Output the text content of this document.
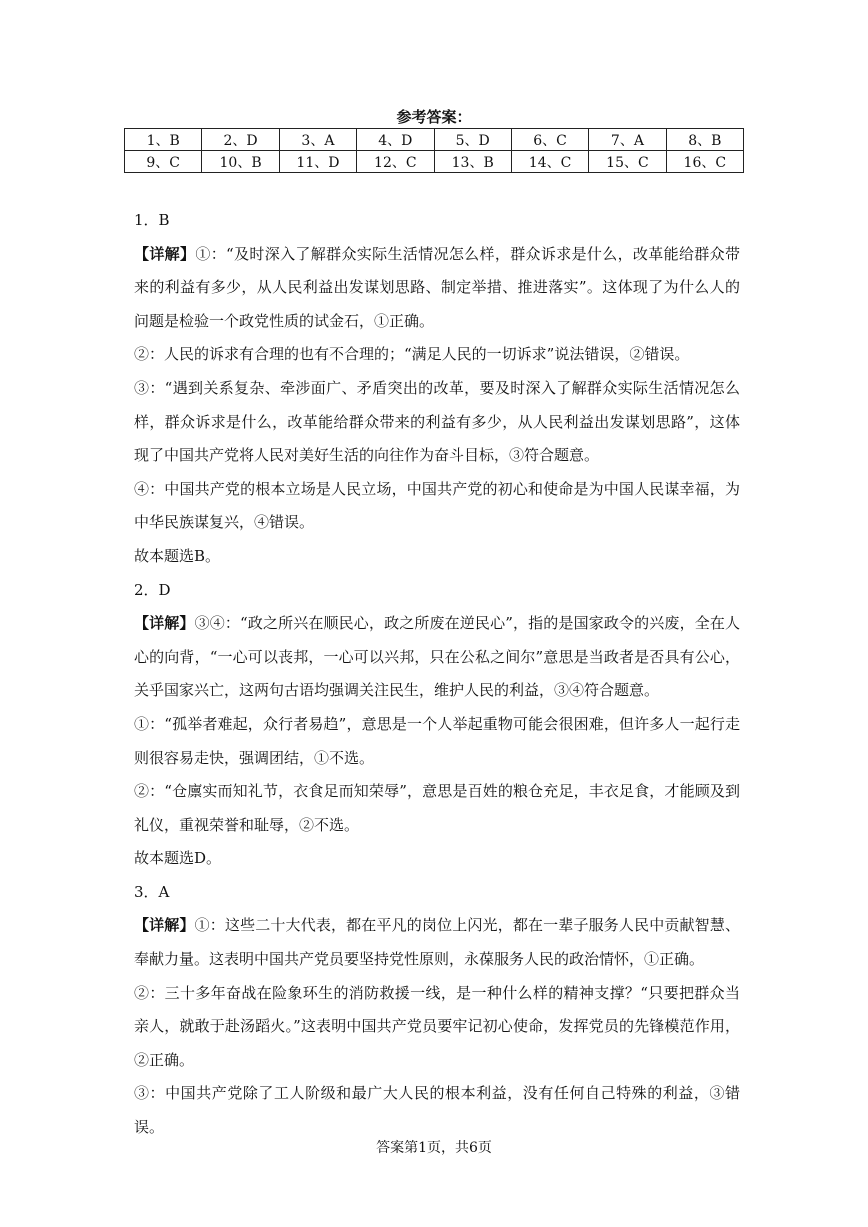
参考答案：
1、B	2、D	3、A	4、D	5、D	6、C	7、A	8、B
9、C	10、B	11、D	12、C	13、B	14、C	15、C	16、C

1．B

【详解】①：“及时深入了解群众实际生活情况怎么样，群众诉求是什么，改革能给群众带来的利益有多少，从人民利益出发谋划思路、制定举措、推进落实”。这体现了为什么人的问题是检验一个政党性质的试金石，①正确。

②：人民的诉求有合理的也有不合理的；“满足人民的一切诉求”说法错误，②错误。

③：“遇到关系复杂、牵涉面广、矛盾突出的改革，要及时深入了解群众实际生活情况怎么样，群众诉求是什么，改革能给群众带来的利益有多少，从人民利益出发谋划思路”，这体现了中国共产党将人民对美好生活的向往作为奋斗目标，③符合题意。

④：中国共产党的根本立场是人民立场，中国共产党的初心和使命是为中国人民谋幸福，为中华民族谋复兴，④错误。

故本题选B。

2．D

【详解】③④：“政之所兴在顺民心，政之所废在逆民心”，指的是国家政令的兴废，全在人心的向背，“一心可以丧邦，一心可以兴邦，只在公私之间尔”意思是当政者是否具有公心，关乎国家兴亡，这两句古语均强调关注民生，维护人民的利益，③④符合题意。

①：“孤举者难起，众行者易趋”，意思是一个人举起重物可能会很困难，但许多人一起行走则很容易走快，强调团结，①不选。

②：“仓廪实而知礼节，衣食足而知荣辱”，意思是百姓的粮仓充足，丰衣足食，才能顾及到礼仪，重视荣誉和耻辱，②不选。

故本题选D。

3．A

【详解】①：这些二十大代表，都在平凡的岗位上闪光，都在一辈子服务人民中贡献智慧、奉献力量。这表明中国共产党员要坚持党性原则，永葆服务人民的政治情怀，①正确。

②：三十多年奋战在险象环生的消防救援一线，是一种什么样的精神支撑？“只要把群众当亲人，就敢于赴汤蹈火。”这表明中国共产党员要牢记初心使命，发挥党员的先锋模范作用，②正确。

③：中国共产党除了工人阶级和最广大人民的根本利益，没有任何自己特殊的利益，③错误。

答案第1页，共6页
